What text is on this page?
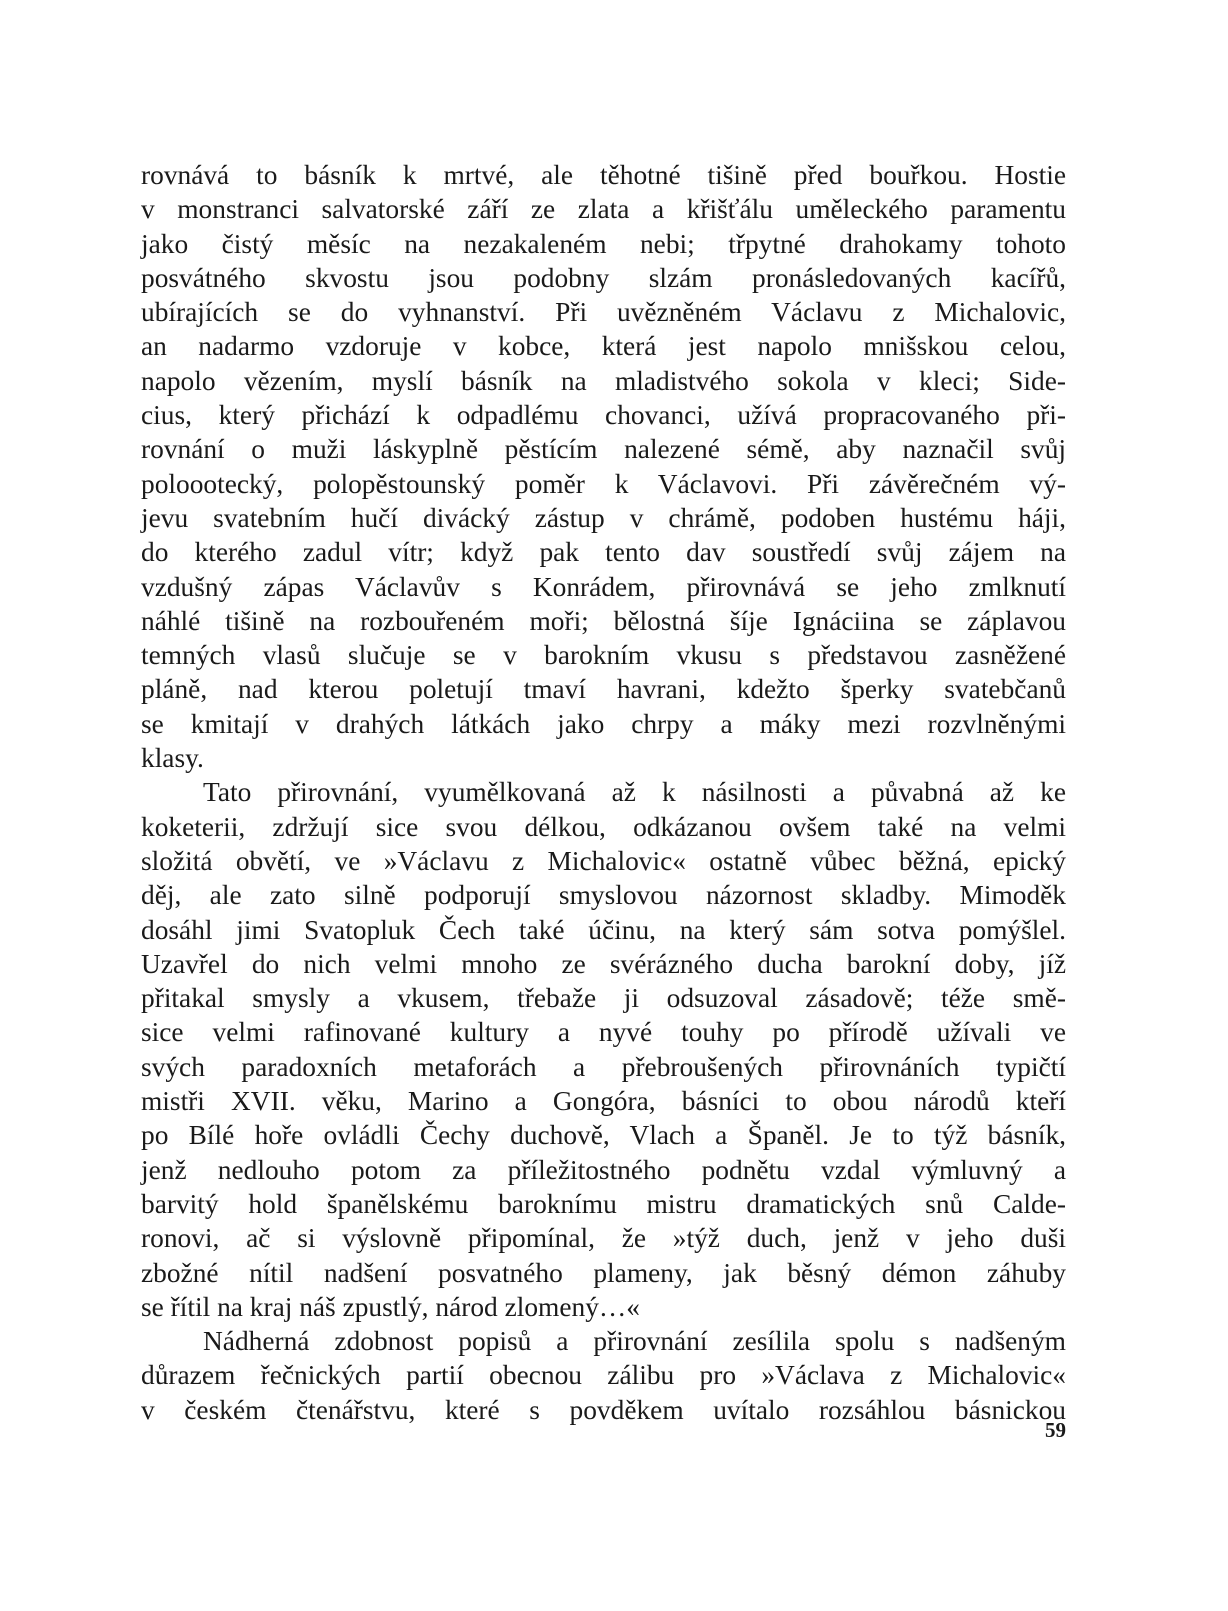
rovnává to básník k mrtvé, ale těhotné tišině před bouřkou. Hostie
v monstranci salvatorské září ze zlata a křišťálu uměleckého paramentu
jako čistý měsíc na nezakaleném nebi; třpytné drahokamy tohoto
posvátného skvostu jsou podobny slzám pronásledovaných kacířů,
ubírajících se do vyhnanství. Při uvězněném Václavu z Michalovic,
an nadarmo vzdoruje v kobce, která jest napolo mnišskou celou,
napolo vězením, myslí básník na mladistvého sokola v kleci; Side-
cius, který přichází k odpadlému chovanci, užívá propracovaného při-
rovnání o muži láskyplně pěstícím nalezené sémě, aby naznačil svůj
poloootecký, polopěstounský poměr k Václavovi. Při závěrečném vý-
jevu svatebním hučí divácký zástup v chrámě, podoben hustému háji,
do kterého zadul vítr; když pak tento dav soustředí svůj zájem na
vzdušný zápas Václavův s Konrádem, přirovnává se jeho zmlknutí
náhlé tišině na rozbouřeném moři; bělostná šíje Ignáciina se záplavou
temných vlasů slučuje se v barokním vkusu s představou zasněžené
pláně, nad kterou poletují tmaví havrani, kdežto šperky svatebčanů
se kmitají v drahých látkách jako chrpy a máky mezi rozvlněnými
klasy.
Tato přirovnání, vyumělkovaná až k násilnosti a půvabná až ke
koketerii, zdržují sice svou délkou, odkázanou ovšem také na velmi
složitá obvětí, ve »Václavu z Michalovic« ostatně vůbec běžná, epický
děj, ale zato silně podporují smyslovou názornost skladby. Mimoděk
dosáhl jimi Svatopluk Čech také účinu, na který sám sotva pomýšlel.
Uzavřel do nich velmi mnoho ze svérázného ducha barokní doby, jíž
přitakal smysly a vkusem, třebaže ji odsuzoval zásadově; téže smě-
sice velmi rafinované kultury a nyvé touhy po přírodě užívali ve
svých paradoxních metaforách a přebroušených přirovnáních typičtí
mistři XVII. věku, Marino a Gongóra, básníci to obou národů kteří
po Bílé hoře ovládli Čechy duchově, Vlach a Španěl. Je to týž básník,
jenž nedlouho potom za příležitostného podnětu vzdal výmluvný a
barvitý hold španělskému baroknímu mistru dramatických snů Calde-
ronovi, ač si výslovně připomínal, že »týž duch, jenž v jeho duši
zbožné nítil nadšení posvatného plameny, jak běsný démon záhuby
se řítil na kraj náš zpustlý, národ zlomený…«
Nádherná zdobnost popisů a přirovnání zesílila spolu s nadšeným
důrazem řečnických partií obecnou zálibu pro »Václava z Michalovic«
v českém čtenářstvu, které s povděkem uvítalo rozsáhlou básnickou
59
